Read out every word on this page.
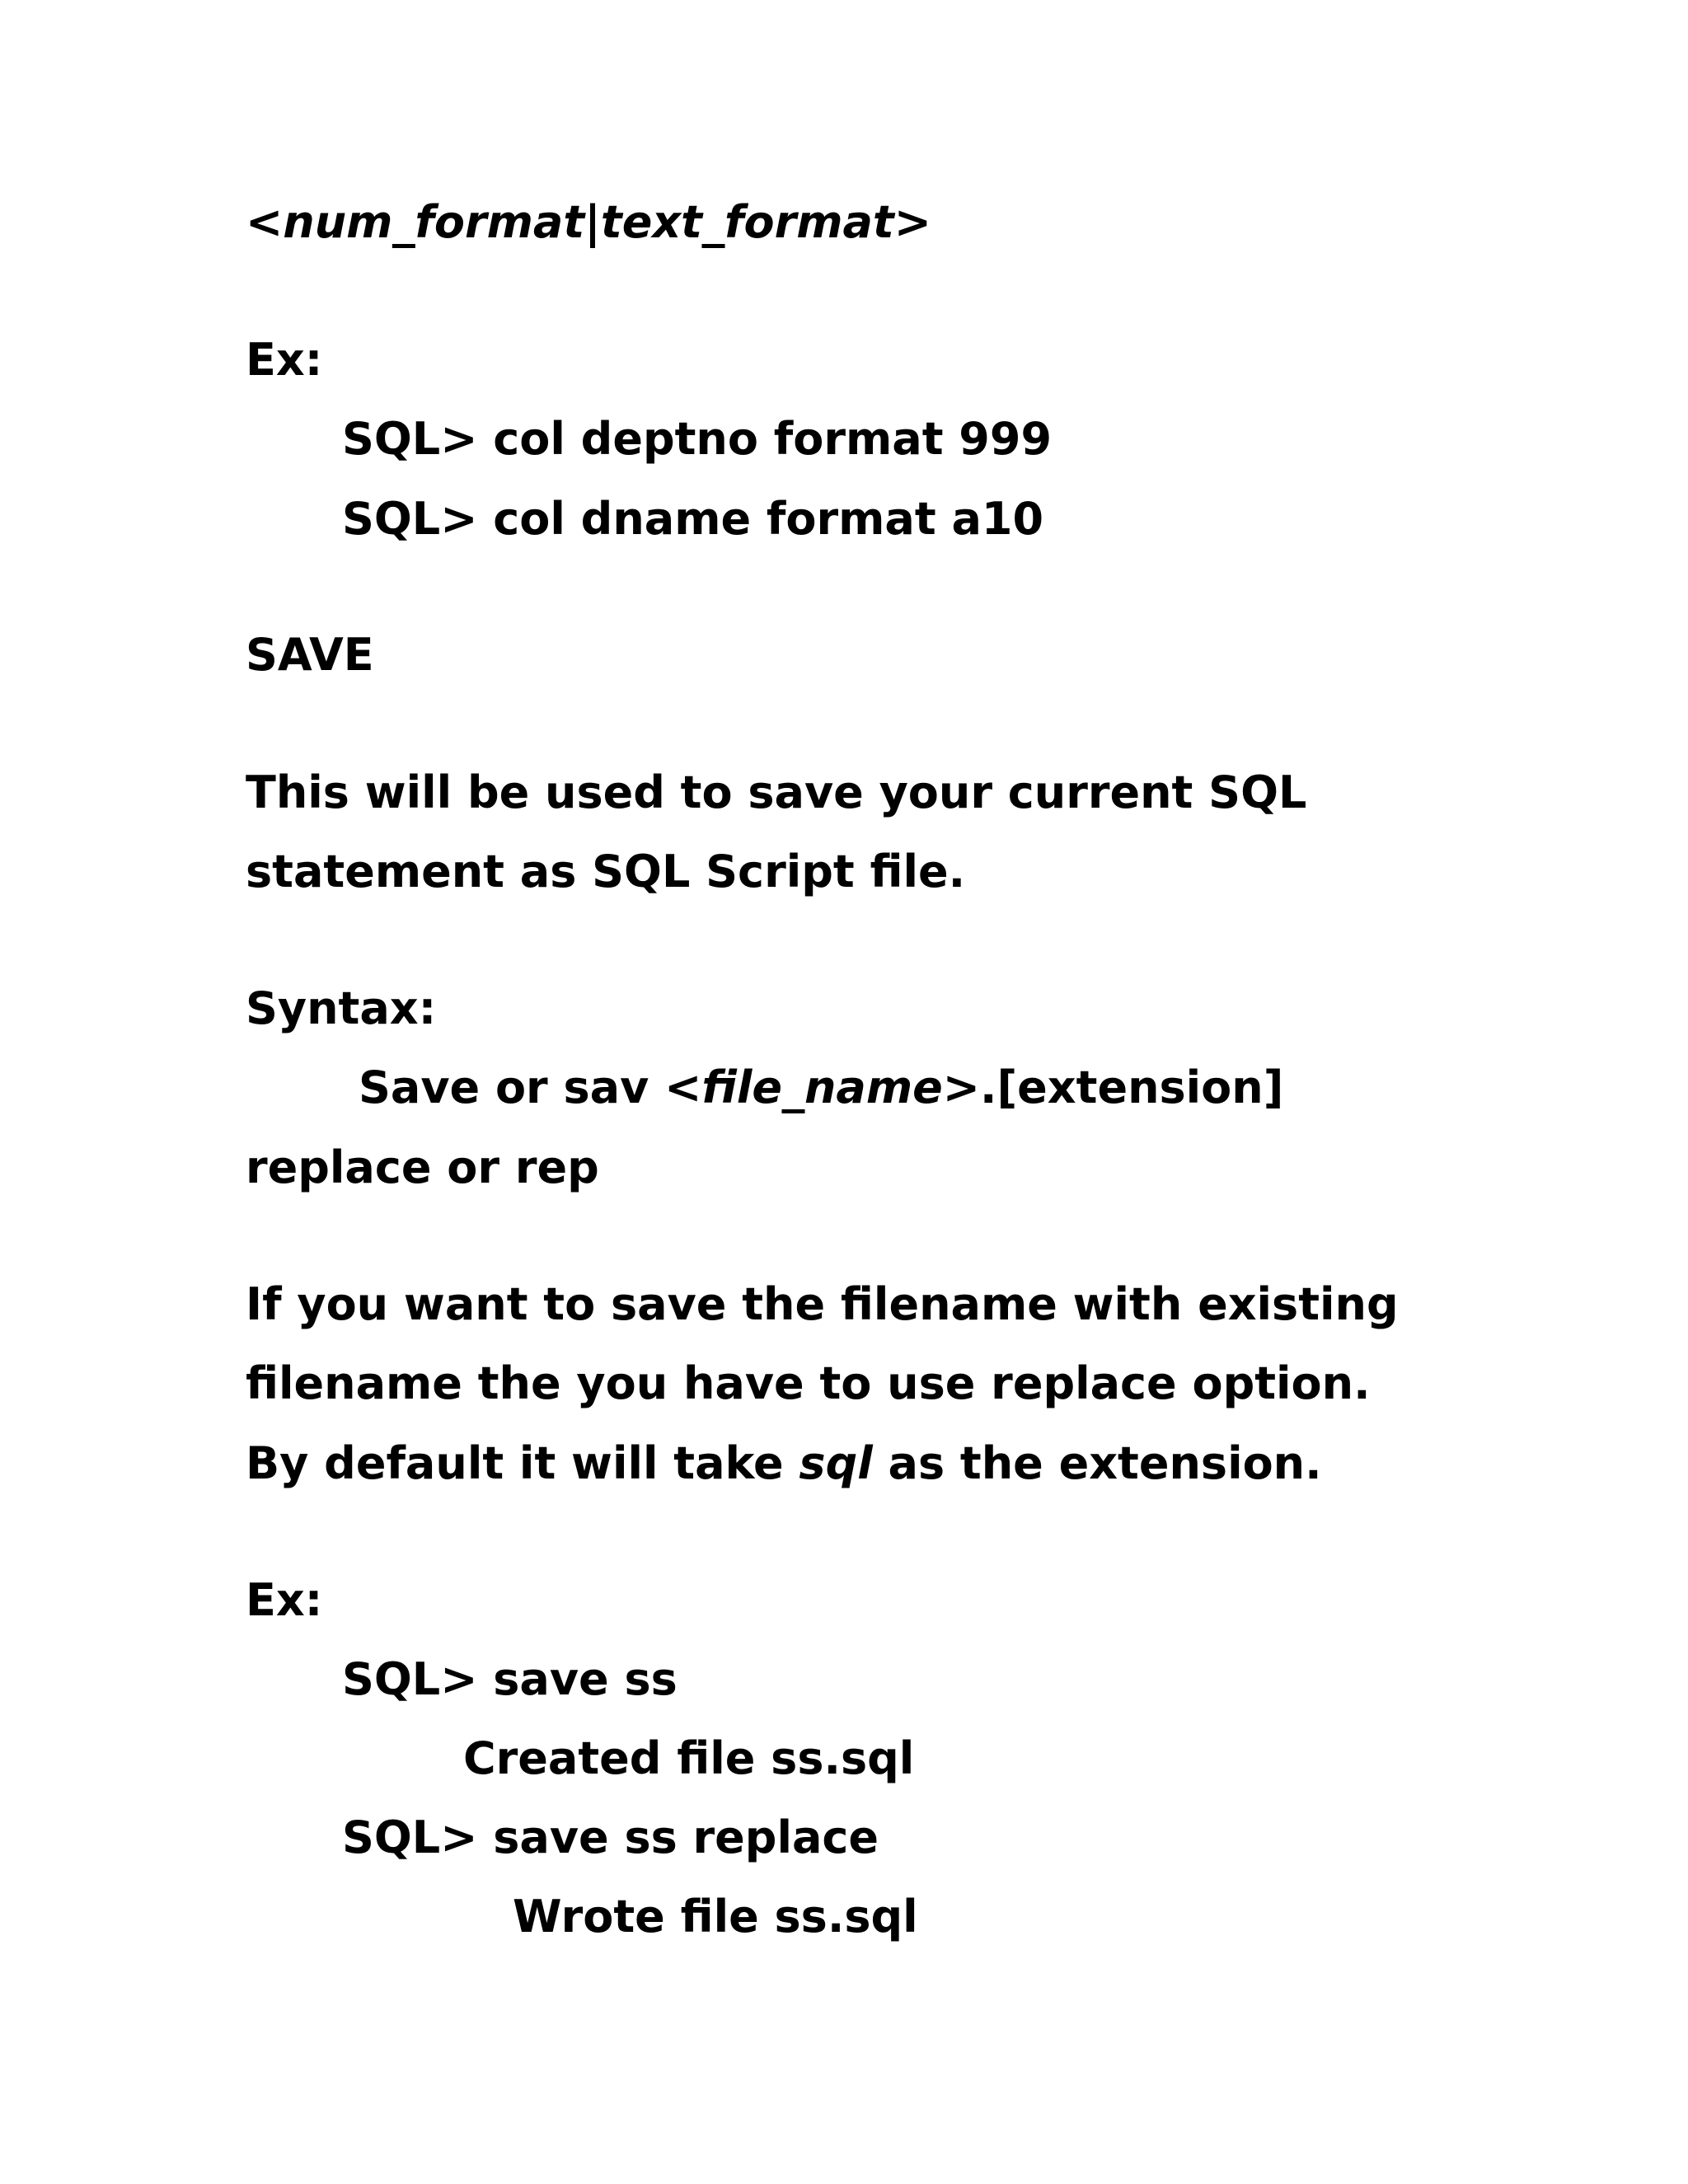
<num_format|text_format>

Ex:

SQL> col deptno format 999

SQL> col dname format a10

SAVE

This will be used to save your current SQL

statement as SQL Script file.

Syntax:

Save or sav <file_name>.[extension]

replace or rep

If you want to save the filename with existing

filename the you have to use replace option.

By default it will take sql as the extension.

Ex:

SQL> save ss

Created file ss.sql

SQL> save ss replace

Wrote file ss.sql
